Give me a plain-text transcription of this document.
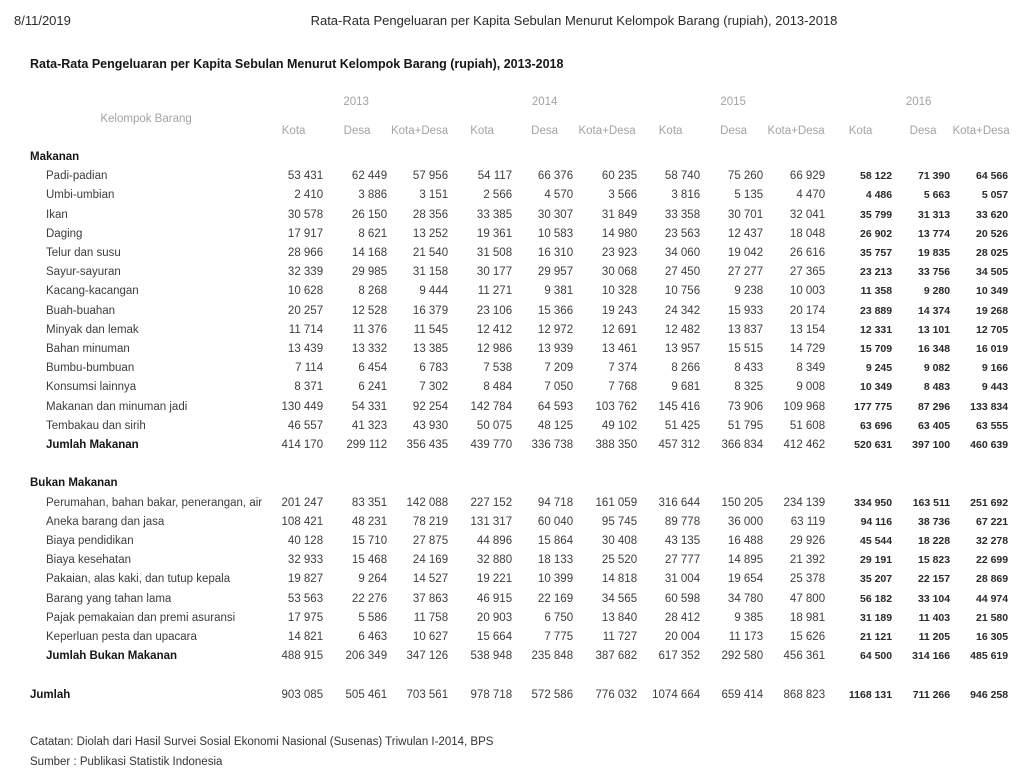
8/11/2019	Rata-Rata Pengeluaran per Kapita Sebulan Menurut Kelompok Barang (rupiah), 2013-2018
Rata-Rata Pengeluaran per Kapita Sebulan Menurut Kelompok Barang (rupiah), 2013-2018
Kelompok Barang	2013			2014			2015			2016		
	Kota	Desa	Kota+Desa	Kota	Desa	Kota+Desa	Kota	Desa	Kota+Desa	Kota	Desa	Kota+Desa
Makanan												
Padi-padian	53 431	62 449	57 956	54 117	66 376	60 235	58 740	75 260	66 929	58 122	71 390	64 566
Umbi-umbian	2 410	3 886	3 151	2 566	4 570	3 566	3 816	5 135	4 470	4 486	5 663	5 057
Ikan	30 578	26 150	28 356	33 385	30 307	31 849	33 358	30 701	32 041	35 799	31 313	33 620
Daging	17 917	8 621	13 252	19 361	10 583	14 980	23 563	12 437	18 048	26 902	13 774	20 526
Telur dan susu	28 966	14 168	21 540	31 508	16 310	23 923	34 060	19 042	26 616	35 757	19 835	28 025
Sayur-sayuran	32 339	29 985	31 158	30 177	29 957	30 068	27 450	27 277	27 365	23 213	33 756	34 505
Kacang-kacangan	10 628	8 268	9 444	11 271	9 381	10 328	10 756	9 238	10 003	11 358	9 280	10 349
Buah-buahan	20 257	12 528	16 379	23 106	15 366	19 243	24 342	15 933	20 174	23 889	14 374	19 268
Minyak dan lemak	11 714	11 376	11 545	12 412	12 972	12 691	12 482	13 837	13 154	12 331	13 101	12 705
Bahan minuman	13 439	13 332	13 385	12 986	13 939	13 461	13 957	15 515	14 729	15 709	16 348	16 019
Bumbu-bumbuan	7 114	6 454	6 783	7 538	7 209	7 374	8 266	8 433	8 349	9 245	9 082	9 166
Konsumsi lainnya	8 371	6 241	7 302	8 484	7 050	7 768	9 681	8 325	9 008	10 349	8 483	9 443
Makanan dan minuman jadi	130 449	54 331	92 254	142 784	64 593	103 762	145 416	73 906	109 968	177 775	87 296	133 834
Tembakau dan sirih	46 557	41 323	43 930	50 075	48 125	49 102	51 425	51 795	51 608	63 696	63 405	63 555
Jumlah Makanan	414 170	299 112	356 435	439 770	336 738	388 350	457 312	366 834	412 462	520 631	397 100	460 639

Bukan Makanan												
Perumahan, bahan bakar, penerangan, air	201 247	83 351	142 088	227 152	94 718	161 059	316 644	150 205	234 139	334 950	163 511	251 692
Aneka barang dan jasa	108 421	48 231	78 219	131 317	60 040	95 745	89 778	36 000	63 119	94 116	38 736	67 221
Biaya pendidikan	40 128	15 710	27 875	44 896	15 864	30 408	43 135	16 488	29 926	45 544	18 228	32 278
Biaya kesehatan	32 933	15 468	24 169	32 880	18 133	25 520	27 777	14 895	21 392	29 191	15 823	22 699
Pakaian, alas kaki, dan tutup kepala	19 827	9 264	14 527	19 221	10 399	14 818	31 004	19 654	25 378	35 207	22 157	28 869
Barang yang tahan lama	53 563	22 276	37 863	46 915	22 169	34 565	60 598	34 780	47 800	56 182	33 104	44 974
Pajak pemakaian dan premi asuransi	17 975	5 586	11 758	20 903	6 750	13 840	28 412	9 385	18 981	31 189	11 403	21 580
Keperluan pesta dan upacara	14 821	6 463	10 627	15 664	7 775	11 727	20 004	11 173	15 626	21 121	11 205	16 305
Jumlah Bukan Makanan	488 915	206 349	347 126	538 948	235 848	387 682	617 352	292 580	456 361	64 500	314 166	485 619

Jumlah	903 085	505 461	703 561	978 718	572 586	776 032	1074 664	659 414	868 823	1168 131	711 266	946 258

Catatan: Diolah dari Hasil Survei Sosial Ekonomi Nasional (Susenas) Triwulan I-2014, BPS

Sumber : Publikasi Statistik Indonesia
